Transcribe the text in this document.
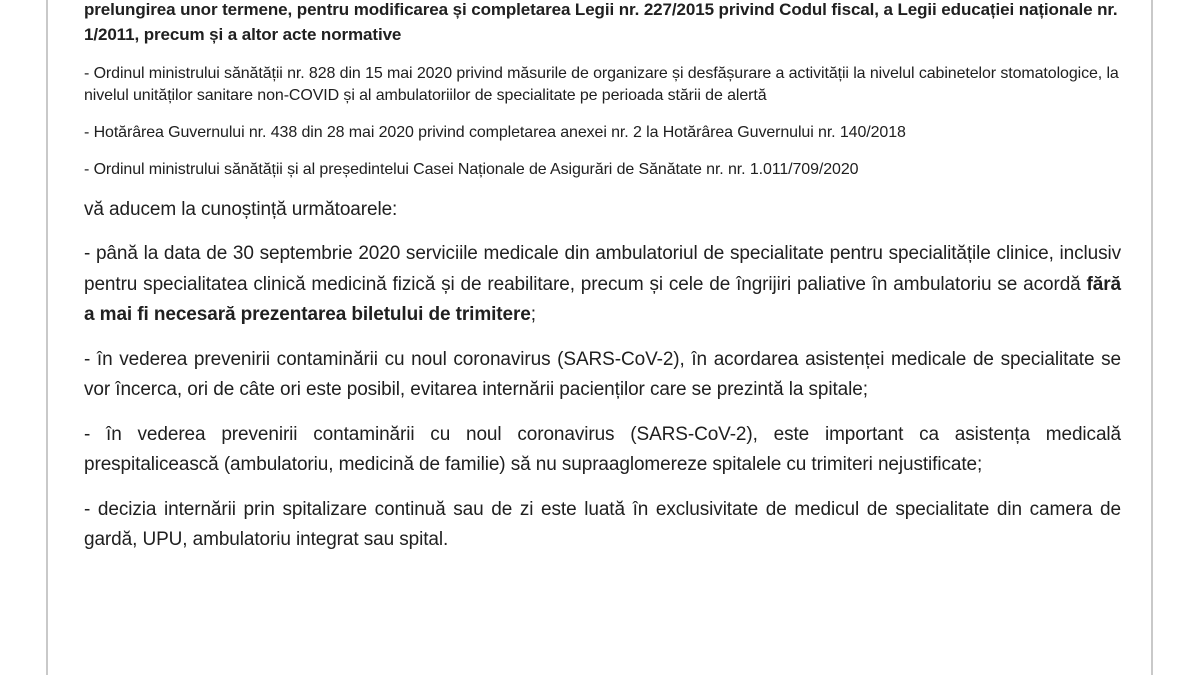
prelungirea unor termene, pentru modificarea și completarea Legii nr. 227/2015 privind Codul fiscal, a Legii educației naționale nr. 1/2011, precum și a altor acte normative

- Ordinul ministrului sănătății nr. 828 din 15 mai 2020 privind măsurile de organizare și desfășurare a activității la nivelul cabinetelor stomatologice, la nivelul unităților sanitare non-COVID și al ambulatoriilor de specialitate pe perioada stării de alertă

- Hotărârea Guvernului nr. 438 din 28 mai 2020 privind completarea anexei nr. 2 la Hotărârea Guvernului nr. 140/2018

- Ordinul ministrului sănătății și al președintelui Casei Naționale de Asigurări de Sănătate nr. nr. 1.011/709/2020

vă aducem la cunoștință următoarele:

- până la data de 30 septembrie 2020 serviciile medicale din ambulatoriul de specialitate pentru specialitățile clinice, inclusiv pentru specialitatea clinică medicină fizică și de reabilitare, precum și cele de îngrijiri paliative în ambulatoriu se acordă fără a mai fi necesară prezentarea biletului de trimitere;

- în vederea prevenirii contaminării cu noul coronavirus (SARS-CoV-2), în acordarea asistenței medicale de specialitate se vor încerca, ori de câte ori este posibil, evitarea internării pacienților care se prezintă la spitale;

- în vederea prevenirii contaminării cu noul coronavirus (SARS-CoV-2), este important ca asistența medicală prespitalicească (ambulatoriu, medicină de familie) să nu supraaglomereze spitalele cu trimiteri nejustificate;

- decizia internării prin spitalizare continuă sau de zi este luată în exclusivitate de medicul de specialitate din camera de gardă, UPU, ambulatoriu integrat sau spital.
